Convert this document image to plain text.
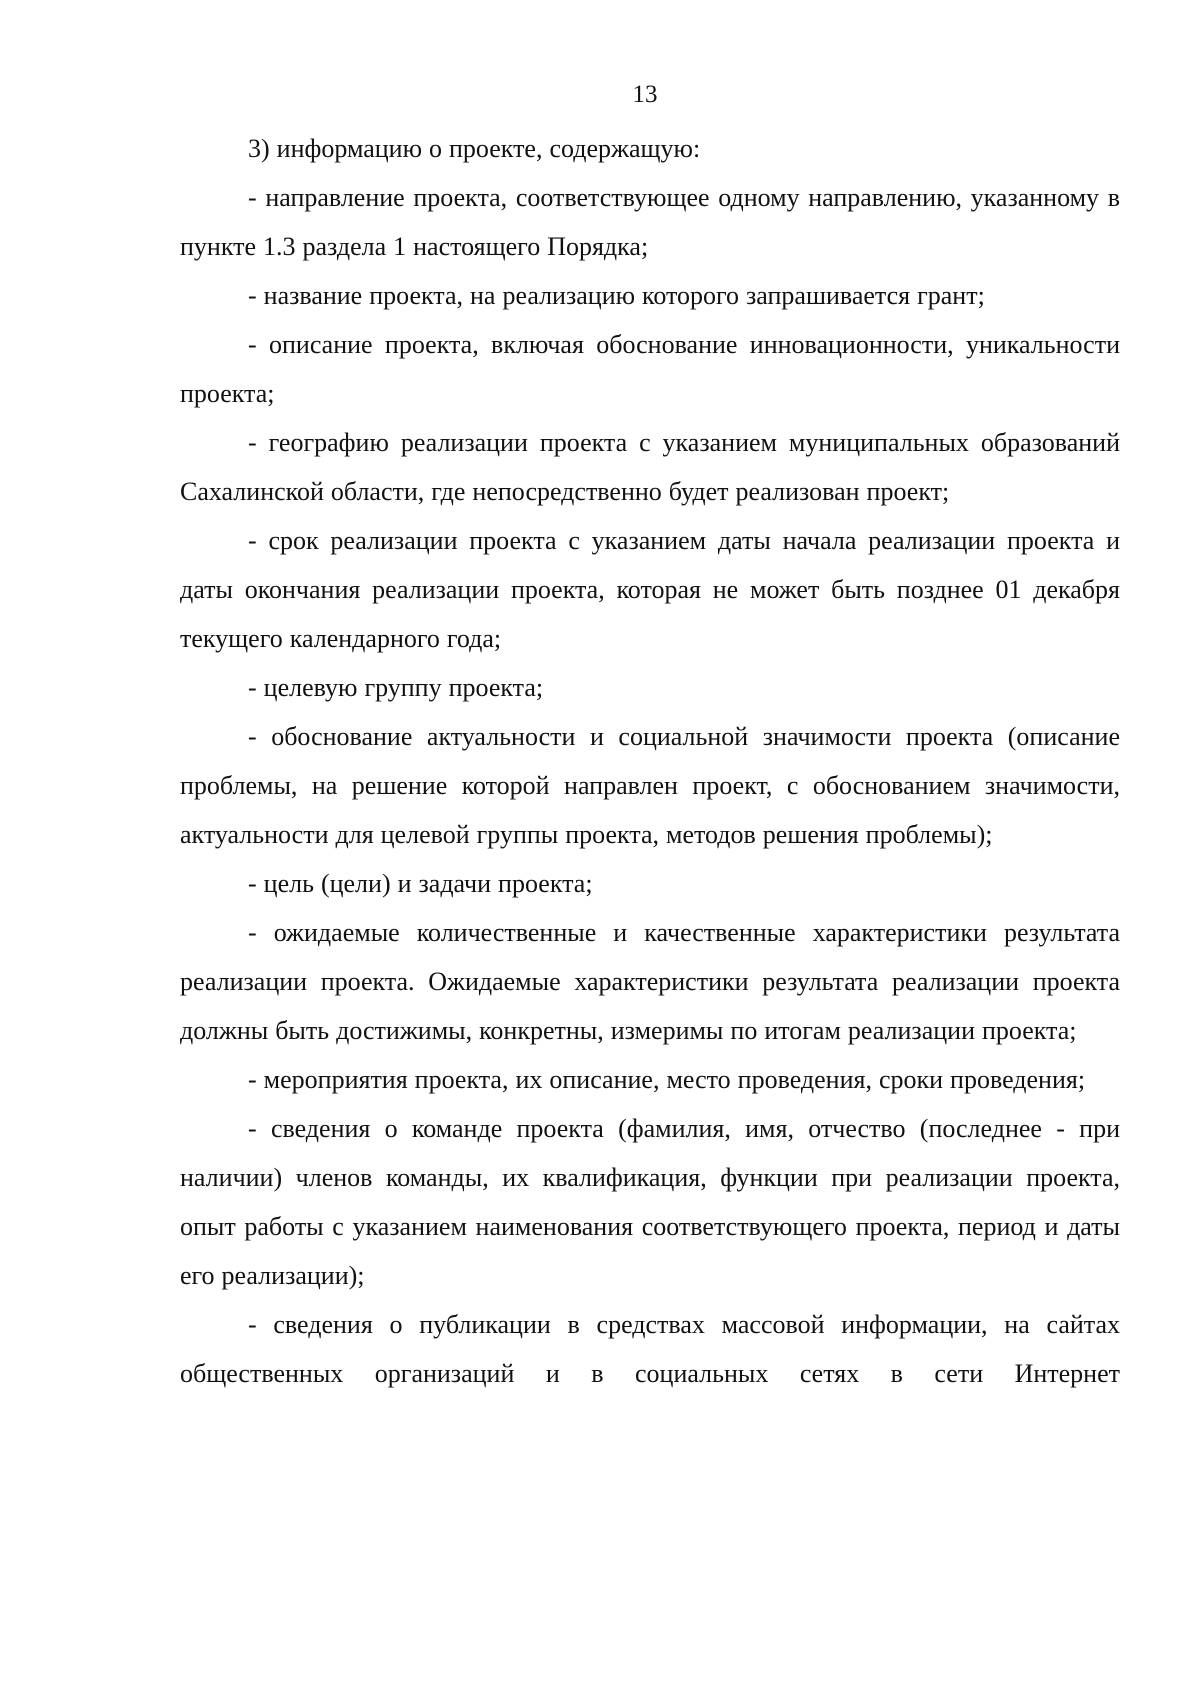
13

3) информацию о проекте, содержащую:

- направление проекта, соответствующее одному направлению, указанному в пункте 1.3 раздела 1 настоящего Порядка;

- название проекта, на реализацию которого запрашивается грант;

- описание проекта, включая обоснование инновационности, уникальности проекта;

- географию реализации проекта с указанием муниципальных образований Сахалинской области, где непосредственно будет реализован проект;

- срок реализации проекта с указанием даты начала реализации проекта и даты окончания реализации проекта, которая не может быть позднее 01 декабря текущего календарного года;

- целевую группу проекта;

- обоснование актуальности и социальной значимости проекта (описание проблемы, на решение которой направлен проект, с обоснованием значимости, актуальности для целевой группы проекта, методов решения проблемы);

- цель (цели) и задачи проекта;

- ожидаемые количественные и качественные характеристики результата реализации проекта. Ожидаемые характеристики результата реализации проекта должны быть достижимы, конкретны, измеримы по итогам реализации проекта;

- мероприятия проекта, их описание, место проведения, сроки проведения;

- сведения о команде проекта (фамилия, имя, отчество (последнее - при наличии) членов команды, их квалификация, функции при реализации проекта, опыт работы с указанием наименования соответствующего проекта, период и даты его реализации);

- сведения о публикации в средствах массовой информации, на сайтах общественных организаций и в социальных сетях в сети Интернет
